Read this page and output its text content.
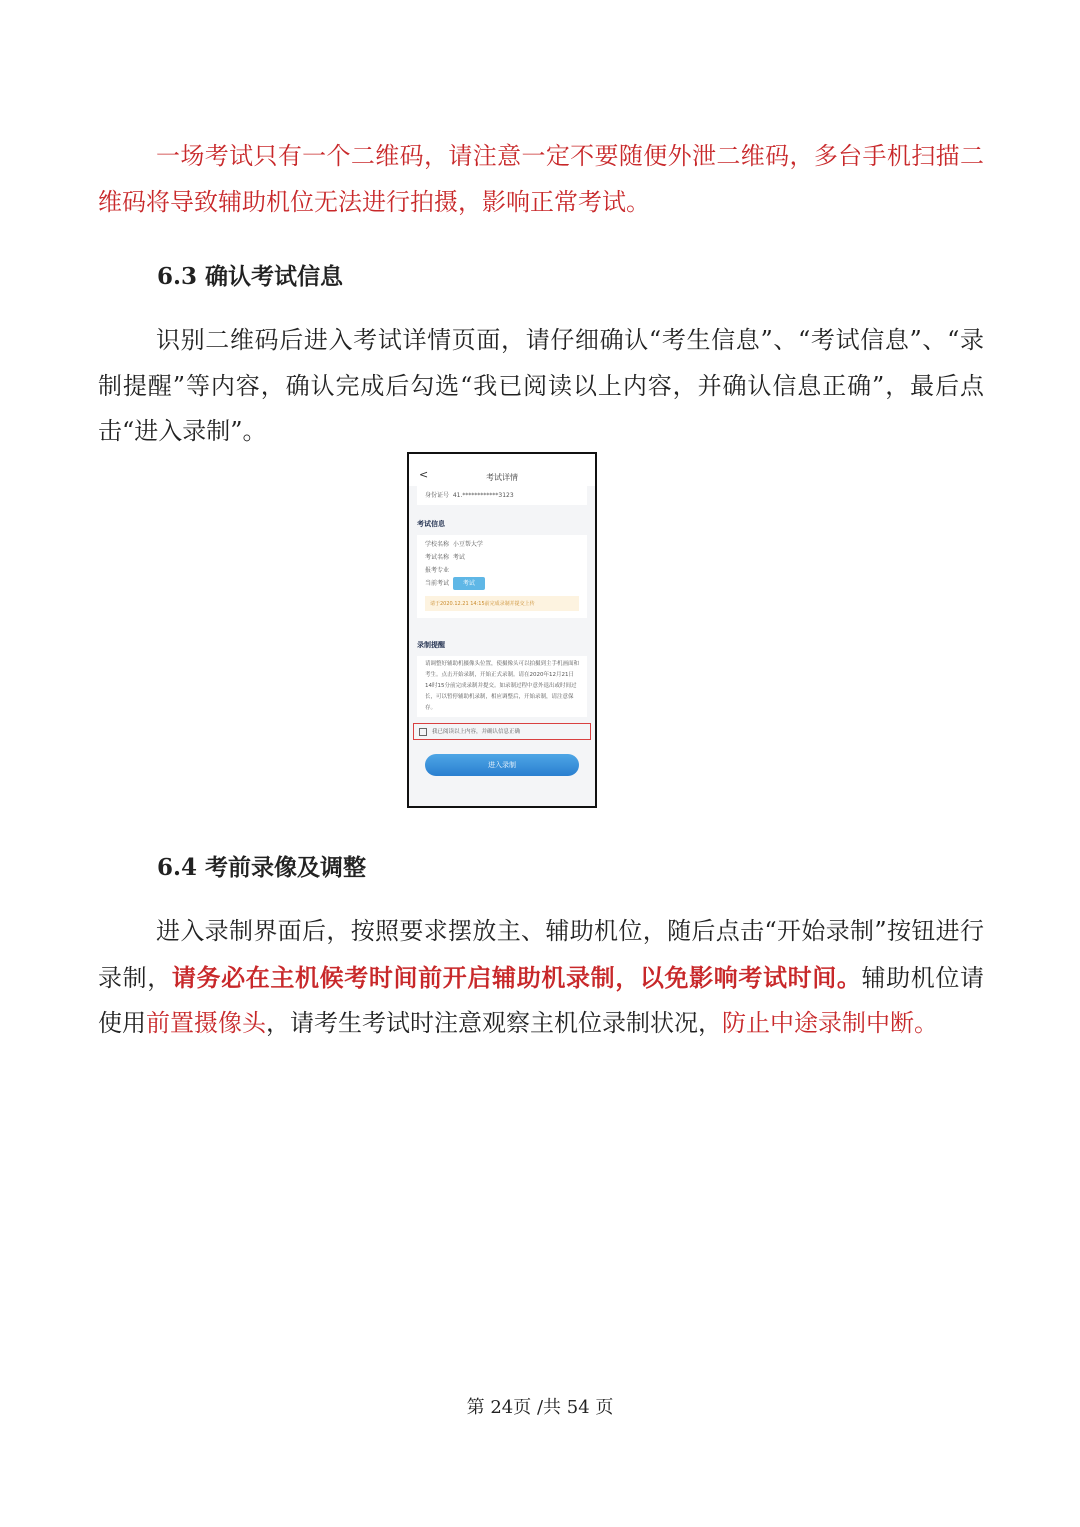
一场考试只有一个二维码，请注意一定不要随便外泄二维码，多台手机扫描二维码将导致辅助机位无法进行拍摄，影响正常考试。
6.3 确认考试信息
识别二维码后进入考试详情页面，请仔细确认“考生信息”、“考试信息”、“录制提醒”等内容，确认完成后勾选“我已阅读以上内容，并确认信息正确”，最后点击“进入录制”。
<	考试详情
身份证号 41.************3123
考试信息
学校名称 小豆帮大学
考试名称 考试
报考专业
当前考试 考试
请于2020.12.21 14:15前完成录制并提交上传
录制提醒
请调整好辅助机摄像头位置，使摄像头可以拍摄到主手机画面和考生。点击开始录制，开始正式录制。请在2020年12月21日14时15分前完成录制并提交。如录制过程中意外退出或时间过长，可以暂停辅助机录制，相应调整后，开始录制，请注意保存。
我已阅读以上内容，并确认信息正确
进入录制
6.4 考前录像及调整
进入录制界面后，按照要求摆放主、辅助机位，随后点击“开始录制”按钮进行录制，请务必在主机候考时间前开启辅助机录制，以免影响考试时间。辅助机位请使用前置摄像头，请考生考试时注意观察主机位录制状况，防止中途录制中断。
第 24页 /共 54 页
